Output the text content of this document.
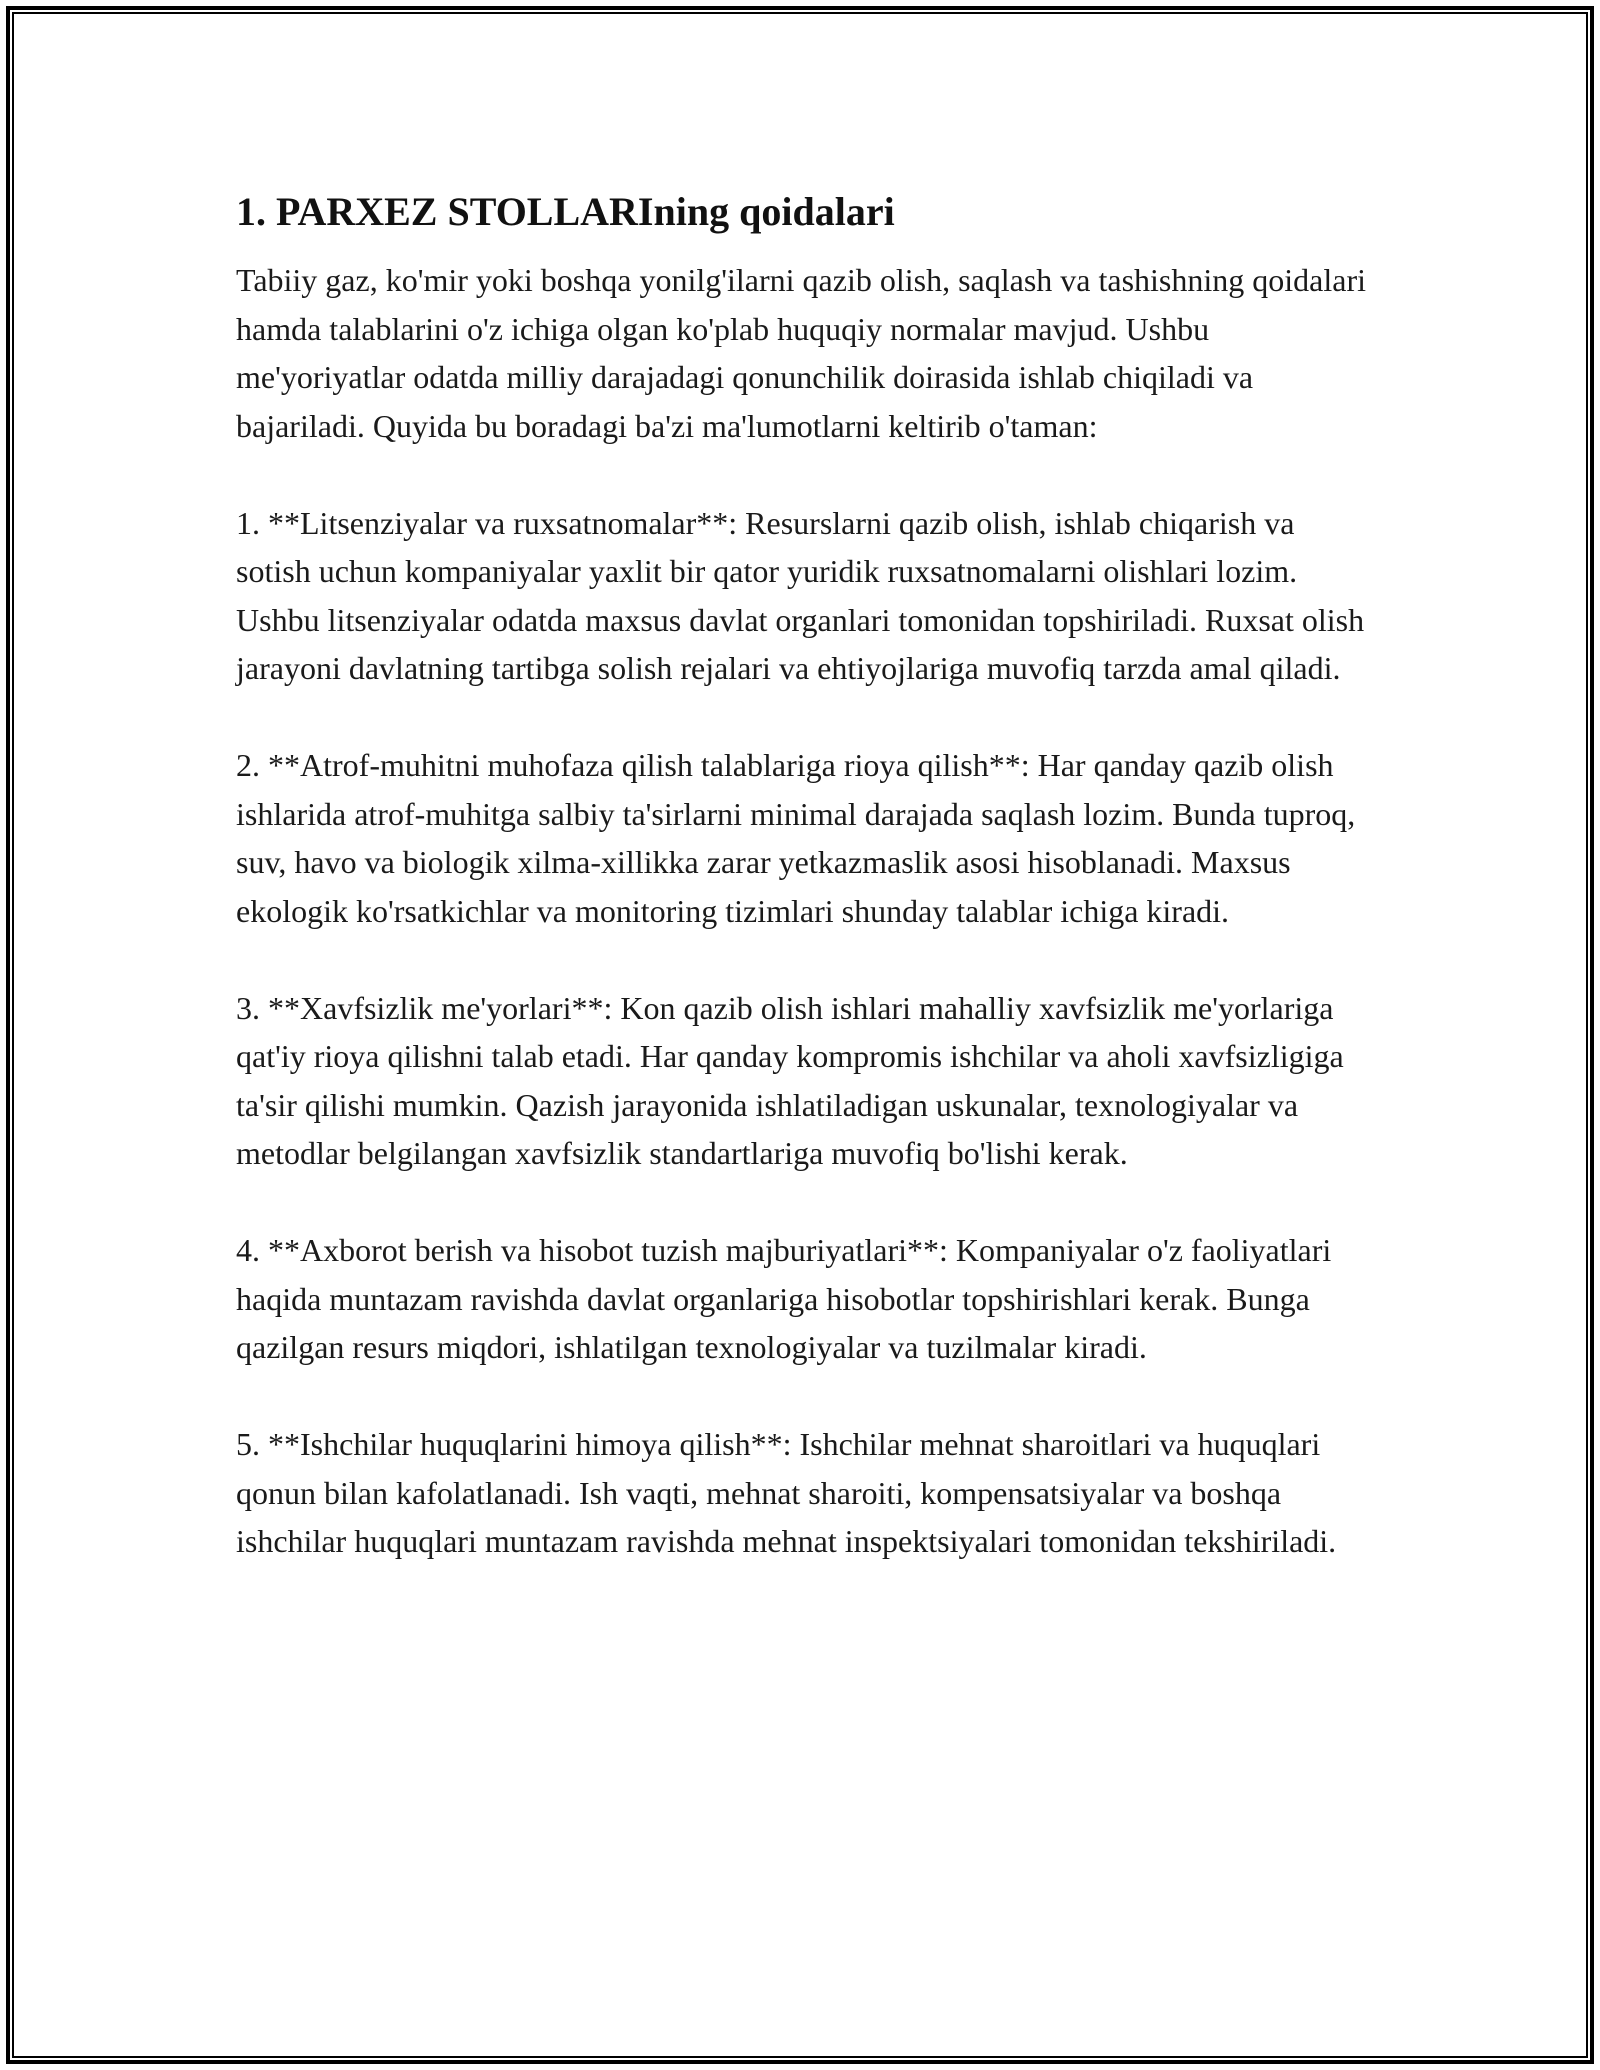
1. PARXEZ STOLLARIning qoidalari

Tabiiy gaz, ko'mir yoki boshqa yonilg'ilarni qazib olish, saqlash va tashishning qoidalari hamda talablarini o'z ichiga olgan ko'plab huquqiy normalar mavjud. Ushbu me'yoriyatlar odatda milliy darajadagi qonunchilik doirasida ishlab chiqiladi va bajariladi. Quyida bu boradagi ba'zi ma'lumotlarni keltirib o'taman:

1. **Litsenziyalar va ruxsatnomalar**: Resurslarni qazib olish, ishlab chiqarish va sotish uchun kompaniyalar yaxlit bir qator yuridik ruxsatnomalarni olishlari lozim. Ushbu litsenziyalar odatda maxsus davlat organlari tomonidan topshiriladi. Ruxsat olish jarayoni davlatning tartibga solish rejalari va ehtiyojlariga muvofiq tarzda amal qiladi.

2. **Atrof-muhitni muhofaza qilish talablariga rioya qilish**: Har qanday qazib olish ishlarida atrof-muhitga salbiy ta'sirlarni minimal darajada saqlash lozim. Bunda tuproq, suv, havo va biologik xilma-xillikka zarar yetkazmaslik asosi hisoblanadi. Maxsus ekologik ko'rsatkichlar va monitoring tizimlari shunday talablar ichiga kiradi.

3. **Xavfsizlik me'yorlari**: Kon qazib olish ishlari mahalliy xavfsizlik me'yorlariga qat'iy rioya qilishni talab etadi. Har qanday kompromis ishchilar va aholi xavfsizligiga ta'sir qilishi mumkin. Qazish jarayonida ishlatiladigan uskunalar, texnologiyalar va metodlar belgilangan xavfsizlik standartlariga muvofiq bo'lishi kerak.

4. **Axborot berish va hisobot tuzish majburiyatlari**: Kompaniyalar o'z faoliyatlari haqida muntazam ravishda davlat organlariga hisobotlar topshirishlari kerak. Bunga qazilgan resurs miqdori, ishlatilgan texnologiyalar va tuzilmalar kiradi.

5. **Ishchilar huquqlarini himoya qilish**: Ishchilar mehnat sharoitlari va huquqlari qonun bilan kafolatlanadi. Ish vaqti, mehnat sharoiti, kompensatsiyalar va boshqa ishchilar huquqlari muntazam ravishda mehnat inspektsiyalari tomonidan tekshiriladi.
